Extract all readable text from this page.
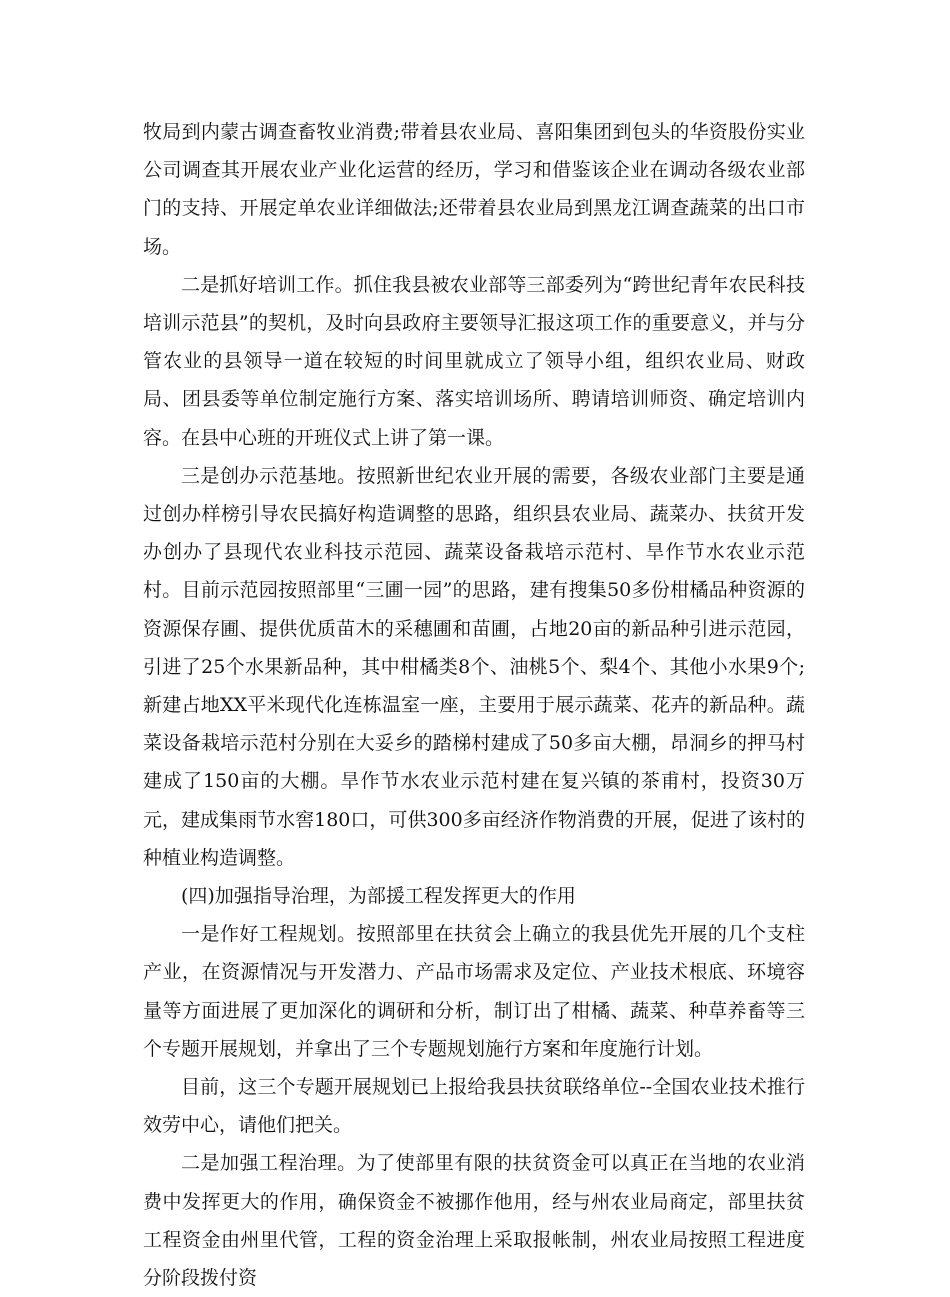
牧局到内蒙古调查畜牧业消费;带着县农业局、喜阳集团到包头的华资股份实业公司调查其开展农业产业化运营的经历，学习和借鉴该企业在调动各级农业部门的支持、开展定单农业详细做法;还带着县农业局到黑龙江调查蔬菜的出口市场。

二是抓好培训工作。抓住我县被农业部等三部委列为“跨世纪青年农民科技培训示范县”的契机，及时向县政府主要领导汇报这项工作的重要意义，并与分管农业的县领导一道在较短的时间里就成立了领导小组，组织农业局、财政局、团县委等单位制定施行方案、落实培训场所、聘请培训师资、确定培训内容。在县中心班的开班仪式上讲了第一课。

三是创办示范基地。按照新世纪农业开展的需要，各级农业部门主要是通过创办样榜引导农民搞好构造调整的思路，组织县农业局、蔬菜办、扶贫开发办创办了县现代农业科技示范园、蔬菜设备栽培示范村、旱作节水农业示范村。目前示范园按照部里“三圃一园”的思路，建有搜集50多份柑橘品种资源的资源保存圃、提供优质苗木的采穗圃和苗圃，占地20亩的新品种引进示范园，引进了25个水果新品种，其中柑橘类8个、油桃5个、梨4个、其他小水果9个;新建占地XX平米现代化连栋温室一座，主要用于展示蔬菜、花卉的新品种。蔬菜设备栽培示范村分别在大妥乡的踏梯村建成了50多亩大棚，昂洞乡的押马村建成了150亩的大棚。旱作节水农业示范村建在复兴镇的茶甫村，投资30万元，建成集雨节水窖180口，可供300多亩经济作物消费的开展，促进了该村的种植业构造调整。

(四)加强指导治理，为部援工程发挥更大的作用

一是作好工程规划。按照部里在扶贫会上确立的我县优先开展的几个支柱产业，在资源情况与开发潜力、产品市场需求及定位、产业技术根底、环境容量等方面进展了更加深化的调研和分析，制订出了柑橘、蔬菜、种草养畜等三个专题开展规划，并拿出了三个专题规划施行方案和年度施行计划。

目前，这三个专题开展规划已上报给我县扶贫联络单位--全国农业技术推行效劳中心，请他们把关。

二是加强工程治理。为了使部里有限的扶贫资金可以真正在当地的农业消费中发挥更大的作用，确保资金不被挪作他用，经与州农业局商定，部里扶贫工程资金由州里代管，工程的资金治理上采取报帐制，州农业局按照工程进度分阶段拨付资
